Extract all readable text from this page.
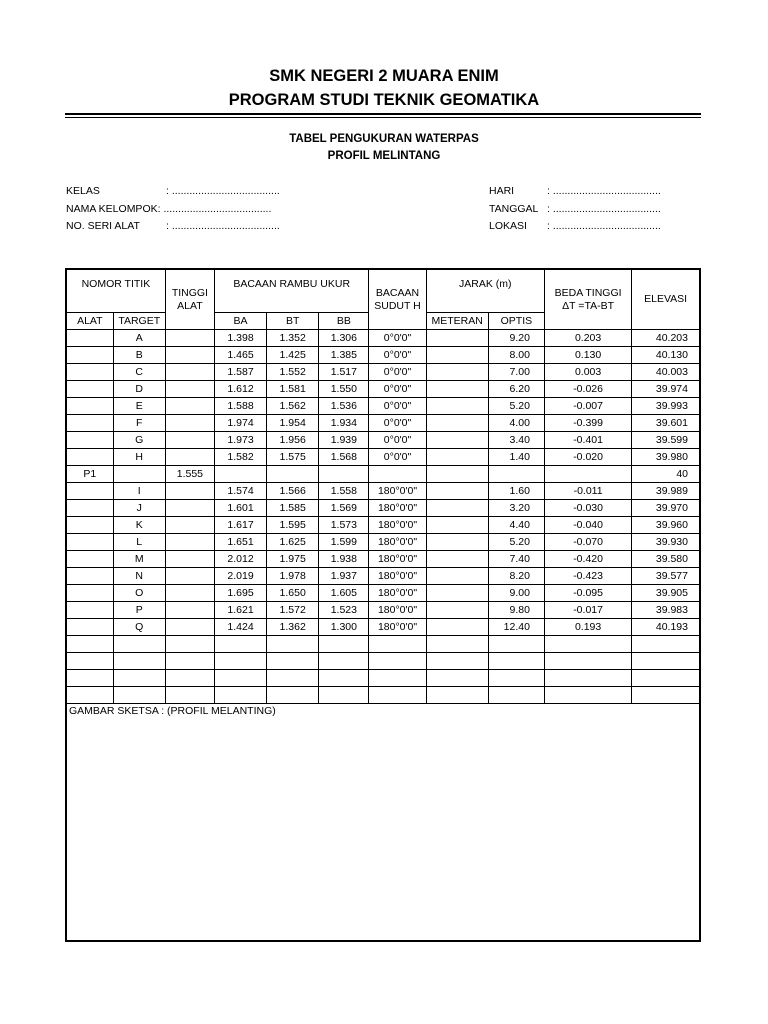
SMK NEGERI 2 MUARA ENIM
PROGRAM STUDI TEKNIK GEOMATIKA
TABEL PENGUKURAN WATERPAS
PROFIL MELINTANG
KELAS	: .....................................
NAMA KELOMPOK: .....................................
NO. SERI ALAT : .....................................
HARI	: .....................................
TANGGAL : .....................................
LOKASI : .....................................
NOMOR TITIK		TINGGI ALAT	BACAAN RAMBU UKUR			BACAAN SUDUT H	JARAK (m)		BEDA TINGGI ΔT =TA-BT	ELEVASI
ALAT	TARGET		BA	BT	BB		METERAN	OPTIS		
	A		1.398	1.352	1.306	0°0'0"		9.20	0.203	40.203
	B		1.465	1.425	1.385	0°0'0"		8.00	0.130	40.130
	C		1.587	1.552	1.517	0°0'0"		7.00	0.003	40.003
	D		1.612	1.581	1.550	0°0'0"		6.20	-0.026	39.974
	E		1.588	1.562	1.536	0°0'0"		5.20	-0.007	39.993
	F		1.974	1.954	1.934	0°0'0"		4.00	-0.399	39.601
	G		1.973	1.956	1.939	0°0'0"		3.40	-0.401	39.599
	H		1.582	1.575	1.568	0°0'0"		1.40	-0.020	39.980
P1		1.555								40
	I		1.574	1.566	1.558	180°0'0"		1.60	-0.011	39.989
	J		1.601	1.585	1.569	180°0'0"		3.20	-0.030	39.970
	K		1.617	1.595	1.573	180°0'0"		4.40	-0.040	39.960
	L		1.651	1.625	1.599	180°0'0"		5.20	-0.070	39.930
	M		2.012	1.975	1.938	180°0'0"		7.40	-0.420	39.580
	N		2.019	1.978	1.937	180°0'0"		8.20	-0.423	39.577
	O		1.695	1.650	1.605	180°0'0"		9.00	-0.095	39.905
	P		1.621	1.572	1.523	180°0'0"		9.80	-0.017	39.983
	Q		1.424	1.362	1.300	180°0'0"		12.40	0.193	40.193

GAMBAR SKETSA : (PROFIL MELANTING)										
